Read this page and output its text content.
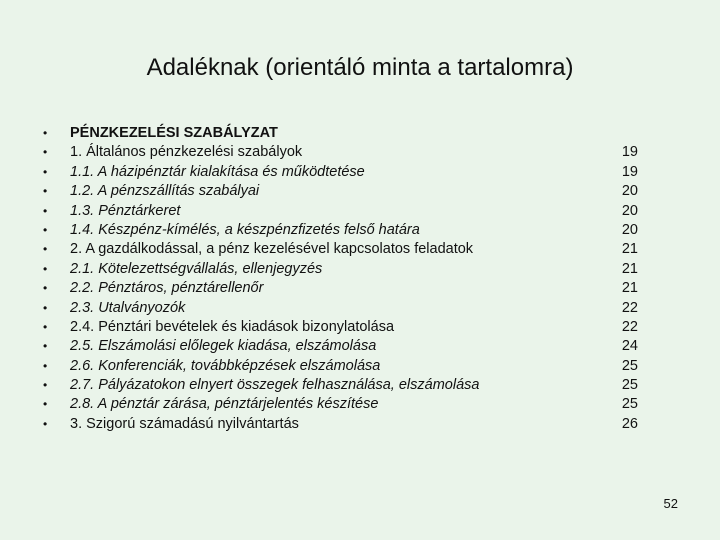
Adaléknak (orientáló minta a tartalomra)
• PÉNZKEZELÉSI SZABÁLYZAT
• 1. Általános pénzkezelési szabályok	19
• 1.1. A házipénztár kialakítása és működtetése	19
• 1.2. A pénzszállítás szabályai	20
• 1.3. Pénztárkeret	20
• 1.4. Készpénz-kímélés, a készpénzfizetés felső határa	20
• 2. A gazdálkodással, a pénz kezelésével kapcsolatos feladatok	21
• 2.1. Kötelezettségvállalás, ellenjegyzés	21
• 2.2. Pénztáros, pénztárellenőr	21
• 2.3. Utalványozók	22
• 2.4. Pénztári bevételek és kiadások bizonylatolása	22
• 2.5. Elszámolási előlegek kiadása, elszámolása	24
• 2.6. Konferenciák, továbbképzések elszámolása	25
• 2.7. Pályázatokon elnyert összegek felhasználása, elszámolása	25
• 2.8. A pénztár zárása, pénztárjelentés készítése	25
• 3. Szigorú számadású nyilvántartás	26
52
